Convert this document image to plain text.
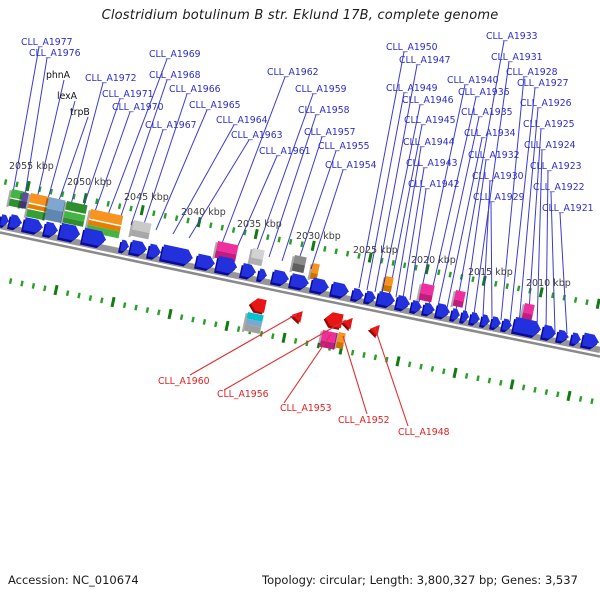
Clostridium botulinum B str. Eklund 17B, complete genome
2055 kbp
2050 kbp
2045 kbp
2040 kbp
2035 kbp
2030 kbp
2025 kbp
2020 kbp
2015 kbp
2010 kbp
CLL_A1977
CLL_A1976
phnA
lexA
trpB
CLL_A1972
CLL_A1971
CLL_A1970
CLL_A1969
CLL_A1968
CLL_A1967
CLL_A1966
CLL_A1965
CLL_A1964
CLL_A1963
CLL_A1962
CLL_A1961
CLL_A1959
CLL_A1958
CLL_A1957
CLL_A1955
CLL_A1954
CLL_A1950
CLL_A1949
CLL_A1947
CLL_A1946
CLL_A1945
CLL_A1944
CLL_A1943
CLL_A1942
CLL_A1940
CLL_A1936
CLL_A1935
CLL_A1934
CLL_A1933
CLL_A1932
CLL_A1931
CLL_A1930
CLL_A1929
CLL_A1928
CLL_A1927
CLL_A1926
CLL_A1925
CLL_A1924
CLL_A1923
CLL_A1922
CLL_A1921
CLL_A1960
CLL_A1956
CLL_A1953
CLL_A1952
CLL_A1948
Accession: NC_010674	Topology: circular; Length: 3,800,327 bp; Genes: 3,537
